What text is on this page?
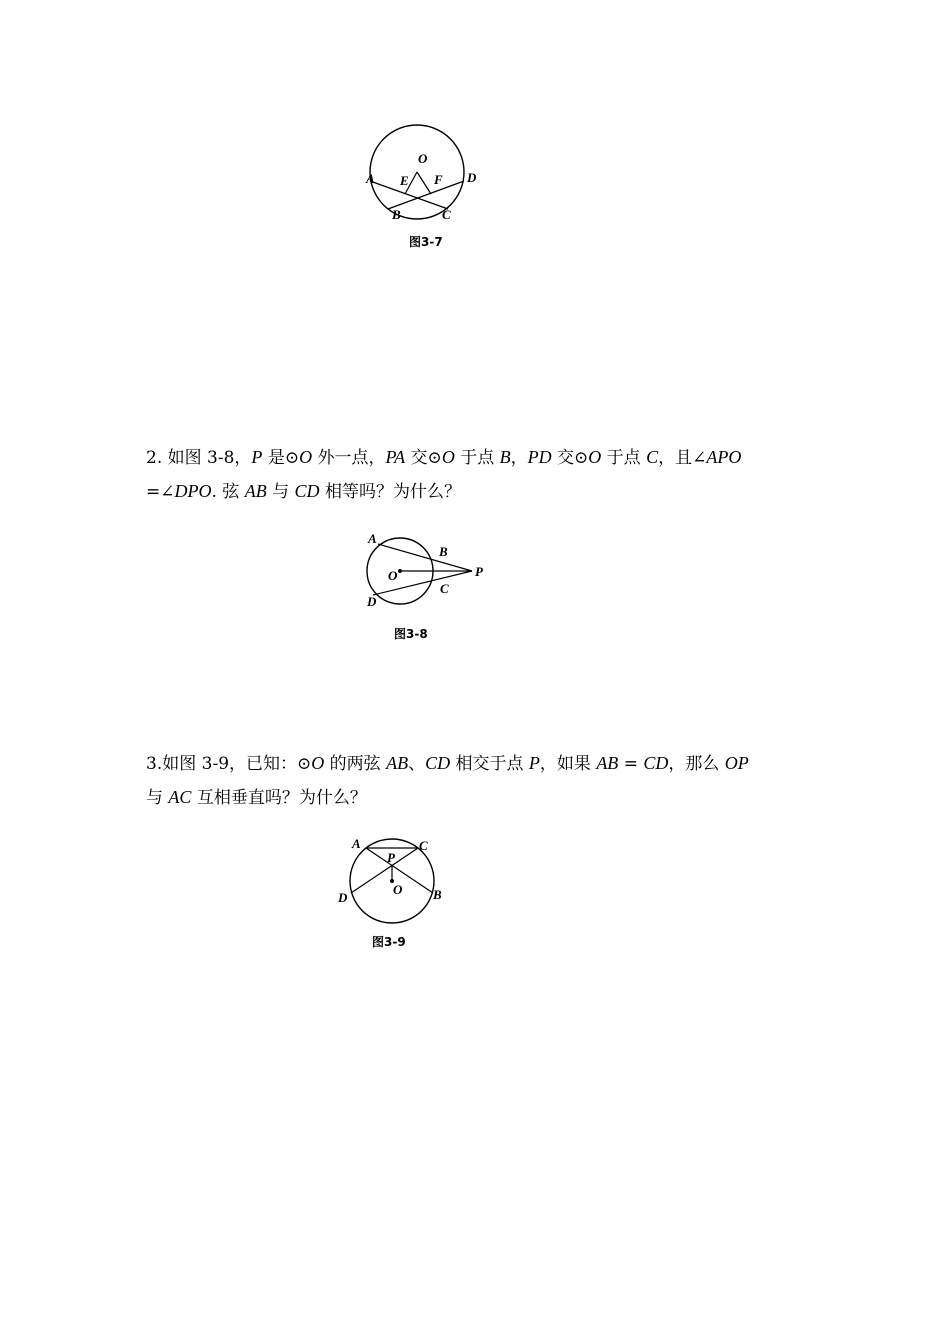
O
A E F D
B	C
图3-7

2. 如图 3-8，P 是⊙O 外一点，PA 交⊙O 于点 B，PD 交⊙O 于点 C，且∠APO
=∠DPO. 弦 AB 与 CD 相等吗？为什么？

A
B
O	P
D
C
图3-8

3.如图 3-9，已知：⊙O 的两弦 AB、CD 相交于点 P，如果 AB = CD，那么 OP
与 AC 互相垂直吗？为什么？

A	C
P
O
D	B
图3-9
